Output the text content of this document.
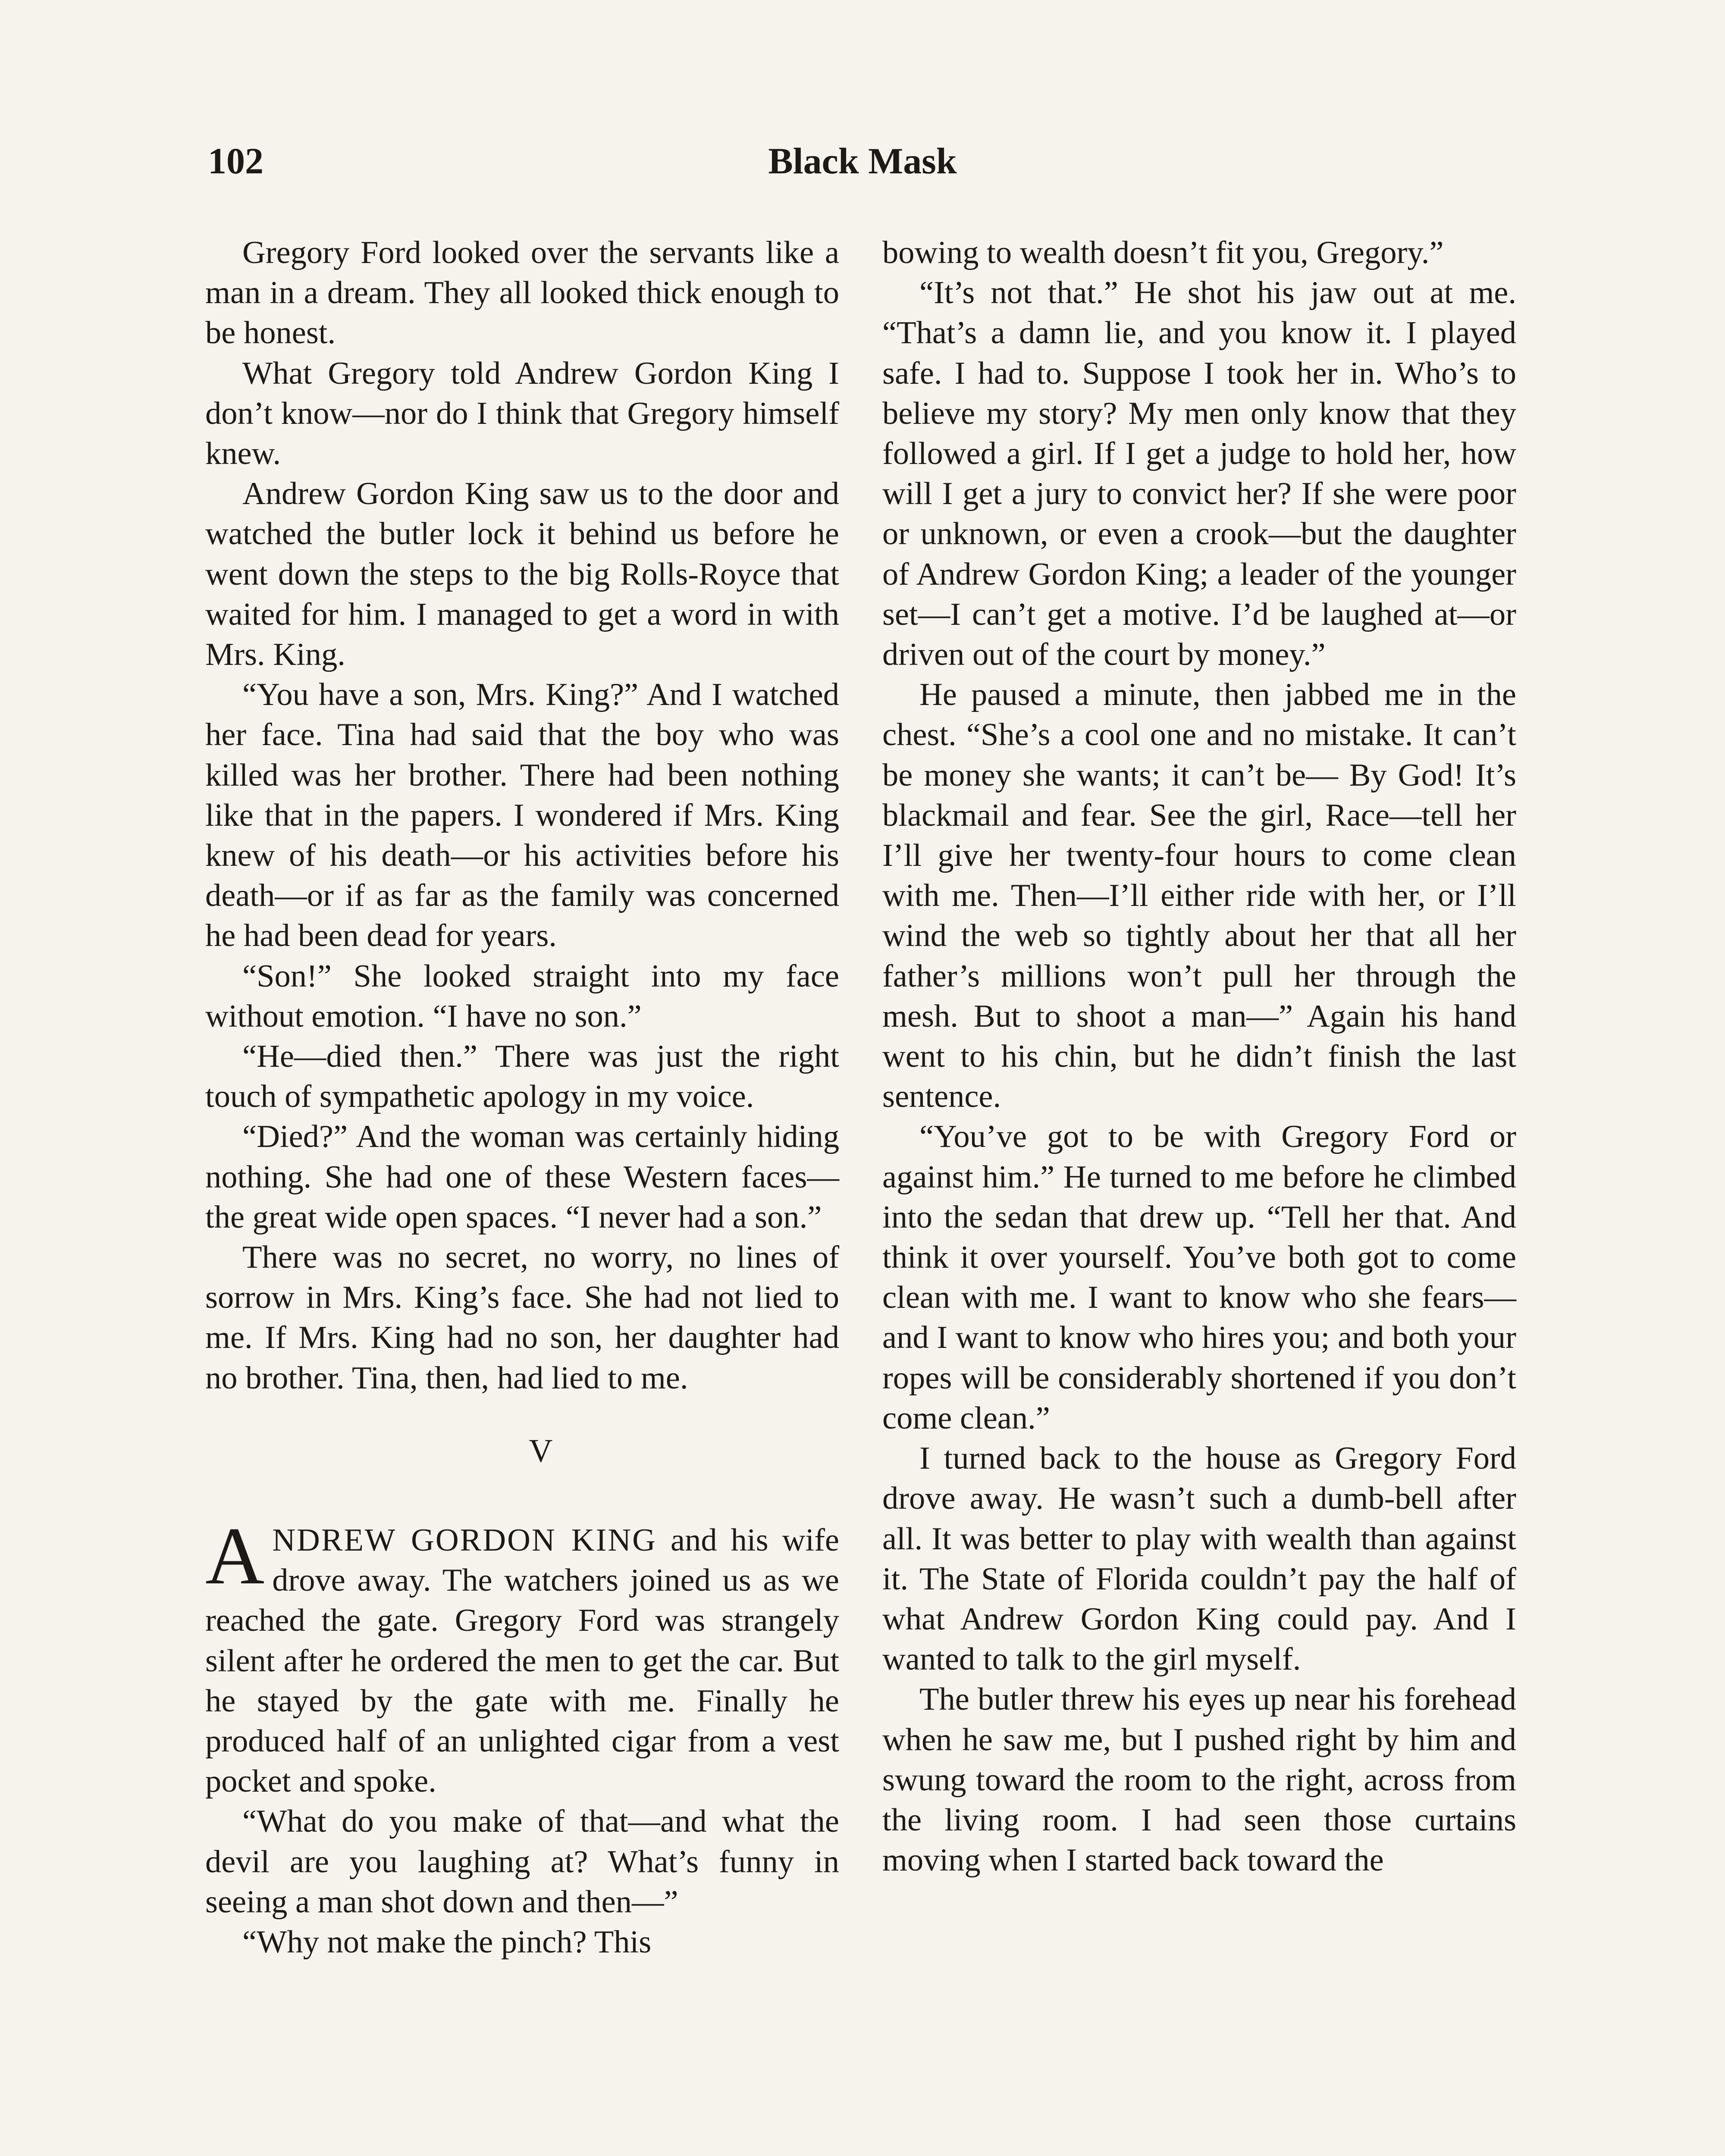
102	Black Mask

Gregory Ford looked over the servants like a man in a dream. They all looked thick enough to be honest.

What Gregory told Andrew Gordon King I don’t know—nor do I think that Gregory himself knew.

Andrew Gordon King saw us to the door and watched the butler lock it behind us before he went down the steps to the big Rolls-Royce that waited for him. I managed to get a word in with Mrs. King.

“You have a son, Mrs. King?” And I watched her face. Tina had said that the boy who was killed was her brother. There had been nothing like that in the papers. I wondered if Mrs. King knew of his death—or his activities before his death—or if as far as the family was concerned he had been dead for years.

“Son!” She looked straight into my face without emotion. “I have no son.”

“He—died then.” There was just the right touch of sympathetic apology in my voice.

“Died?” And the woman was certainly hiding nothing. She had one of these Western faces—the great wide open spaces. “I never had a son.”

There was no secret, no worry, no lines of sorrow in Mrs. King’s face. She had not lied to me. If Mrs. King had no son, her daughter had no brother. Tina, then, had lied to me.

V

ANDREW GORDON KING and his wife drove away. The watchers joined us as we reached the gate. Gregory Ford was strangely silent after he ordered the men to get the car. But he stayed by the gate with me. Finally he produced half of an unlighted cigar from a vest pocket and spoke.

“What do you make of that—and what the devil are you laughing at? What’s funny in seeing a man shot down and then—”

“Why not make the pinch? This

bowing to wealth doesn’t fit you, Gregory.”

“It’s not that.” He shot his jaw out at me. “That’s a damn lie, and you know it. I played safe. I had to. Suppose I took her in. Who’s to believe my story? My men only know that they followed a girl. If I get a judge to hold her, how will I get a jury to convict her? If she were poor or unknown, or even a crook—but the daughter of Andrew Gordon King; a leader of the younger set—I can’t get a motive. I’d be laughed at—or driven out of the court by money.”

He paused a minute, then jabbed me in the chest. “She’s a cool one and no mistake. It can’t be money she wants; it can’t be— By God! It’s blackmail and fear. See the girl, Race—tell her I’ll give her twenty-four hours to come clean with me. Then—I’ll either ride with her, or I’ll wind the web so tightly about her that all her father’s millions won’t pull her through the mesh. But to shoot a man—” Again his hand went to his chin, but he didn’t finish the last sentence.

“You’ve got to be with Gregory Ford or against him.” He turned to me before he climbed into the sedan that drew up. “Tell her that. And think it over yourself. You’ve both got to come clean with me. I want to know who she fears—and I want to know who hires you; and both your ropes will be considerably shortened if you don’t come clean.”

I turned back to the house as Gregory Ford drove away. He wasn’t such a dumb-bell after all. It was better to play with wealth than against it. The State of Florida couldn’t pay the half of what Andrew Gordon King could pay. And I wanted to talk to the girl myself.

The butler threw his eyes up near his forehead when he saw me, but I pushed right by him and swung toward the room to the right, across from the living room. I had seen those curtains moving when I started back toward the
